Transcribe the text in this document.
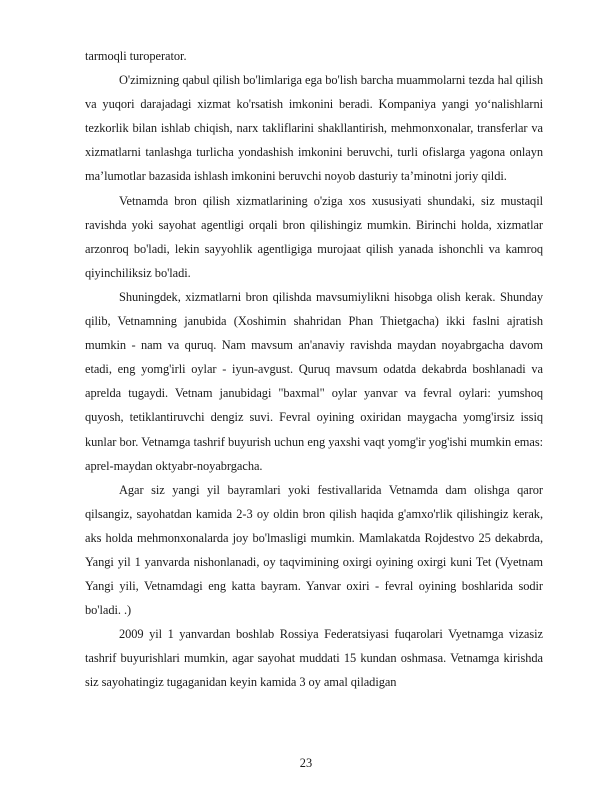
tarmoqli turoperator.

O'zimizning qabul qilish bo'limlariga ega bo'lish barcha muammolarni tezda hal qilish va yuqori darajadagi xizmat ko'rsatish imkonini beradi. Kompaniya yangi yo‘nalishlarni tezkorlik bilan ishlab chiqish, narx takliflarini shakllantirish, mehmonxonalar, transferlar va xizmatlarni tanlashga turlicha yondashish imkonini beruvchi, turli ofislarga yagona onlayn ma’lumotlar bazasida ishlash imkonini beruvchi noyob dasturiy ta’minotni joriy qildi.

Vetnamda bron qilish xizmatlarining o'ziga xos xususiyati shundaki, siz mustaqil ravishda yoki sayohat agentligi orqali bron qilishingiz mumkin. Birinchi holda, xizmatlar arzonroq bo'ladi, lekin sayyohlik agentligiga murojaat qilish yanada ishonchli va kamroq qiyinchiliksiz bo'ladi.

Shuningdek, xizmatlarni bron qilishda mavsumiylikni hisobga olish kerak. Shunday qilib, Vetnamning janubida (Xoshimin shahridan Phan Thietgacha) ikki faslni ajratish mumkin - nam va quruq. Nam mavsum an'anaviy ravishda maydan noyabrgacha davom etadi, eng yomg'irli oylar - iyun-avgust. Quruq mavsum odatda dekabrda boshlanadi va aprelda tugaydi. Vetnam janubidagi "baxmal" oylar yanvar va fevral oylari: yumshoq quyosh, tetiklantiruvchi dengiz suvi. Fevral oyining oxiridan maygacha yomg'irsiz issiq kunlar bor. Vetnamga tashrif buyurish uchun eng yaxshi vaqt yomg'ir yog'ishi mumkin emas: aprel-maydan oktyabr-noyabrgacha.

Agar siz yangi yil bayramlari yoki festivallarida Vetnamda dam olishga qaror qilsangiz, sayohatdan kamida 2-3 oy oldin bron qilish haqida g'amxo'rlik qilishingiz kerak, aks holda mehmonxonalarda joy bo'lmasligi mumkin. Mamlakatda Rojdestvo 25 dekabrda, Yangi yil 1 yanvarda nishonlanadi, oy taqvimining oxirgi oyining oxirgi kuni Tet (Vyetnam Yangi yili, Vetnamdagi eng katta bayram. Yanvar oxiri - fevral oyining boshlarida sodir bo'ladi. .)

2009 yil 1 yanvardan boshlab Rossiya Federatsiyasi fuqarolari Vyetnamga vizasiz tashrif buyurishlari mumkin, agar sayohat muddati 15 kundan oshmasa. Vetnamga kirishda siz sayohatingiz tugaganidan keyin kamida 3 oy amal qiladigan

23
